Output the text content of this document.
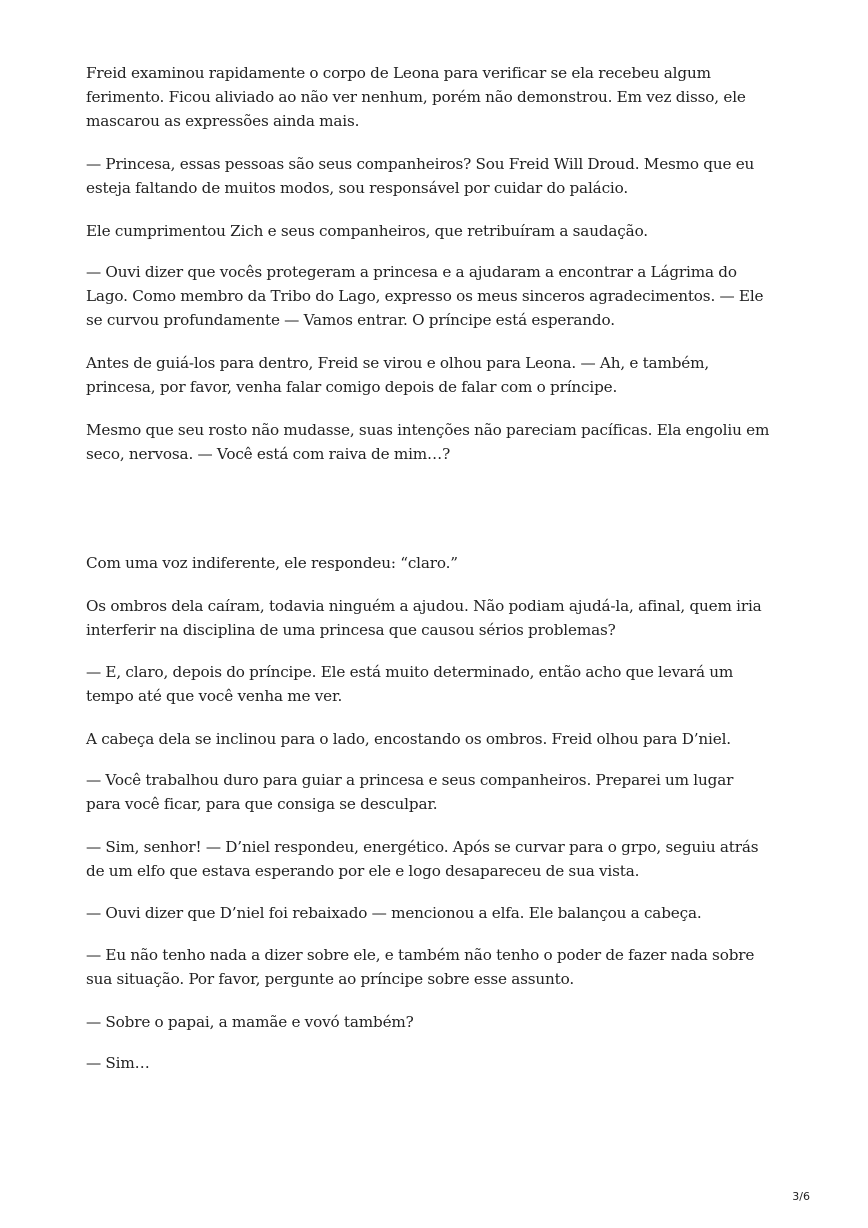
Freid examinou rapidamente o corpo de Leona para verificar se ela recebeu algum
ferimento. Ficou aliviado ao não ver nenhum, porém não demonstrou. Em vez disso, ele
mascarou as expressões ainda mais.

— Princesa, essas pessoas são seus companheiros? Sou Freid Will Droud. Mesmo que eu
esteja faltando de muitos modos, sou responsável por cuidar do palácio.

Ele cumprimentou Zich e seus companheiros, que retribuíram a saudação.

— Ouvi dizer que vocês protegeram a princesa e a ajudaram a encontrar a Lágrima do
Lago. Como membro da Tribo do Lago, expresso os meus sinceros agradecimentos. — Ele
se curvou profundamente — Vamos entrar. O príncipe está esperando.

Antes de guiá-los para dentro, Freid se virou e olhou para Leona. — Ah, e também,
princesa, por favor, venha falar comigo depois de falar com o príncipe.

Mesmo que seu rosto não mudasse, suas intenções não pareciam pacíficas. Ela engoliu em
seco, nervosa. — Você está com raiva de mim…?

Com uma voz indiferente, ele respondeu: “claro.”

Os ombros dela caíram, todavia ninguém a ajudou. Não podiam ajudá-la, afinal, quem iria
interferir na disciplina de uma princesa que causou sérios problemas?

— E, claro, depois do príncipe. Ele está muito determinado, então acho que levará um
tempo até que você venha me ver.

A cabeça dela se inclinou para o lado, encostando os ombros. Freid olhou para D’niel.

— Você trabalhou duro para guiar a princesa e seus companheiros. Preparei um lugar
para você ficar, para que consiga se desculpar.

— Sim, senhor! — D’niel respondeu, energético. Após se curvar para o grpo, seguiu atrás
de um elfo que estava esperando por ele e logo desapareceu de sua vista.

— Ouvi dizer que D’niel foi rebaixado — mencionou a elfa. Ele balançou a cabeça.

— Eu não tenho nada a dizer sobre ele, e também não tenho o poder de fazer nada sobre
sua situação. Por favor, pergunte ao príncipe sobre esse assunto.

— Sobre o papai, a mamãe e vovó também?

— Sim…

3/6
